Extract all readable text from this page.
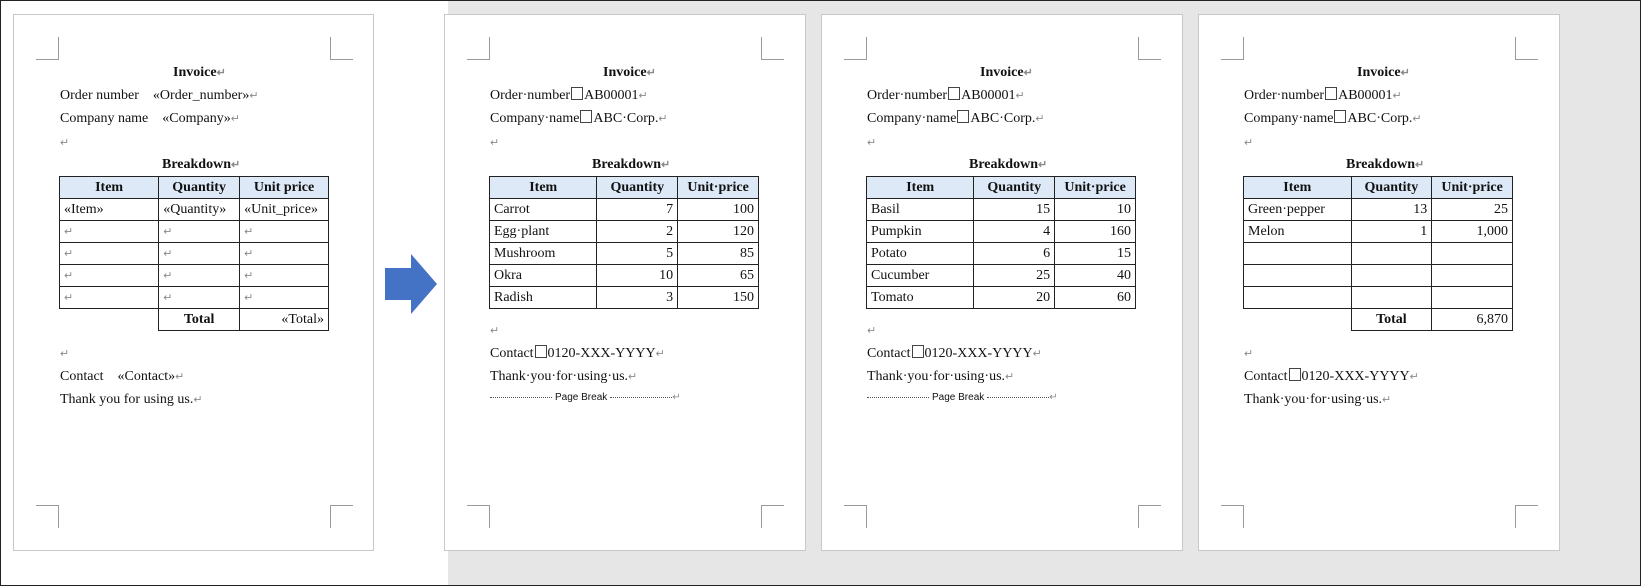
Invoice↵
Order number «Order_number»↵
Company name «Company»↵
↵
Breakdown↵
Item	Quantity	Unit price
«Item»	«Quantity»	«Unit_price»
↵	↵	↵
↵	↵	↵
↵	↵	↵
↵	↵	↵
	Total	«Total»
↵
Contact «Contact»↵
Thank you for using us.↵
Invoice↵
Order·number AB00001↵
Company·name ABC·Corp.↵
↵
Breakdown↵
Item	Quantity	Unit·price
Carrot	7	100
Egg·plant	2	120
Mushroom	5	85
Okra	10	65
Radish	3	150
↵
Contact 0120-XXX-YYYY↵
Thank·you·for·using·us.↵
Page Break	↵
Invoice↵
Order·number AB00001↵
Company·name ABC·Corp.↵
↵
Breakdown↵
Item	Quantity	Unit·price
Basil	15	10
Pumpkin	4	160
Potato	6	15
Cucumber	25	40
Tomato	20	60
↵
Contact 0120-XXX-YYYY↵
Thank·you·for·using·us.↵
Page Break	↵
Invoice↵
Order·number AB00001↵
Company·name ABC·Corp.↵
↵
Breakdown↵
Item	Quantity	Unit·price
Green·pepper	13	25
Melon	1	1,000

	Total	6,870
↵
Contact 0120-XXX-YYYY↵
Thank·you·for·using·us.↵
